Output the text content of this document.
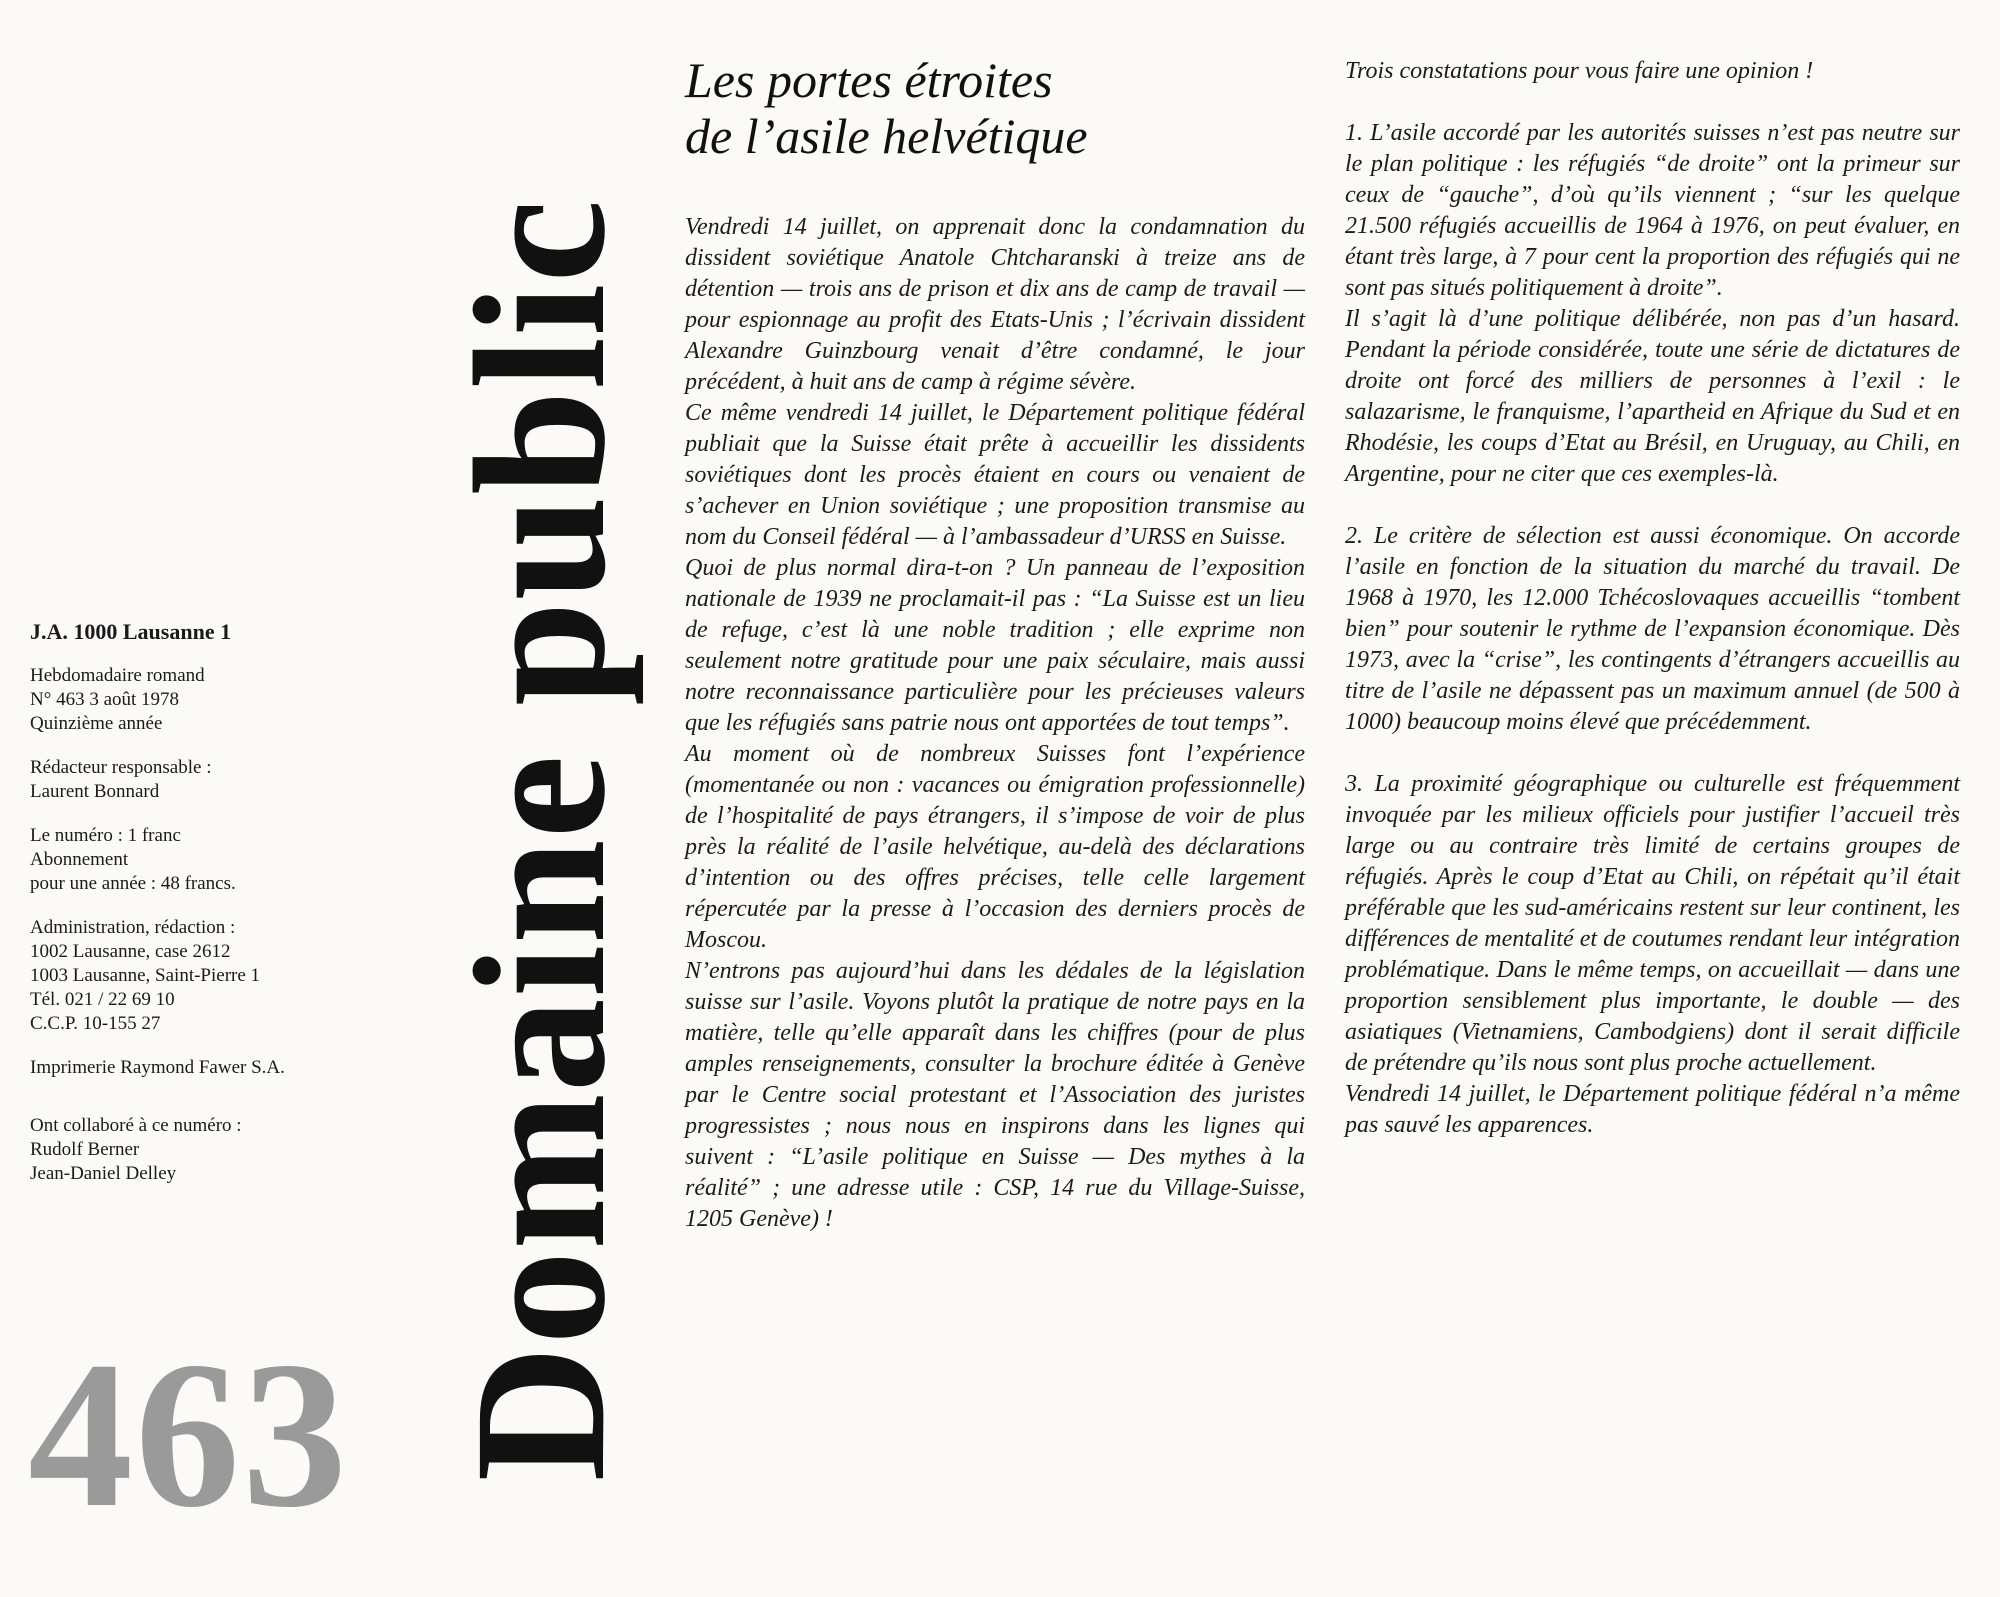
J.A. 1000 Lausanne 1

Hebdomadaire romand

N° 463 3 août 1978

Quinzième année

Rédacteur responsable :

Laurent Bonnard

Le numéro : 1 franc

Abonnement

pour une année : 48 francs.

Administration, rédaction :

1002 Lausanne, case 2612

1003 Lausanne, Saint-Pierre 1

Tél. 021 / 22 69 10

C.C.P. 10-155 27

Imprimerie Raymond Fawer S.A.

Ont collaboré à ce numéro :

Rudolf Berner

Jean-Daniel Delley

463 Domaine public

Les portes étroites

de l’asile helvétique

Vendredi 14 juillet, on apprenait donc la condamnation du dissident soviétique Anatole Chtcharanski à treize ans de détention — trois ans de prison et dix ans de camp de travail — pour espionnage au profit des Etats-Unis ; l’écrivain dissident Alexandre Guinzbourg venait d’être condamné, le jour précédent, à huit ans de camp à régime sévère.

Ce même vendredi 14 juillet, le Département politique fédéral publiait que la Suisse était prête à accueillir les dissidents soviétiques dont les procès étaient en cours ou venaient de s’achever en Union soviétique ; une proposition transmise au nom du Conseil fédéral — à l’ambassadeur d’URSS en Suisse.

Quoi de plus normal dira-t-on ? Un panneau de l’exposition nationale de 1939 ne proclamait-il pas : “La Suisse est un lieu de refuge, c’est là une noble tradition ; elle exprime non seulement notre gratitude pour une paix séculaire, mais aussi notre reconnaissance particulière pour les précieuses valeurs que les réfugiés sans patrie nous ont apportées de tout temps”.

Au moment où de nombreux Suisses font l’expérience (momentanée ou non : vacances ou émigration professionnelle) de l’hospitalité de pays étrangers, il s’impose de voir de plus près la réalité de l’asile helvétique, au-delà des déclarations d’intention ou des offres précises, telle celle largement répercutée par la presse à l’occasion des derniers procès de Moscou.

N’entrons pas aujourd’hui dans les dédales de la législation suisse sur l’asile. Voyons plutôt la pratique de notre pays en la matière, telle qu’elle apparaît dans les chiffres (pour de plus amples renseignements, consulter la brochure éditée à Genève par le Centre social protestant et l’Association des juristes progressistes ; nous nous en inspirons dans les lignes qui suivent : “L’asile politique en Suisse — Des mythes à la réalité” ; une adresse utile : CSP, 14 rue du Village-Suisse, 1205 Genève) !

Trois constatations pour vous faire une opinion !

1. L’asile accordé par les autorités suisses n’est pas neutre sur le plan politique : les réfugiés “de droite” ont la primeur sur ceux de “gauche”, d’où qu’ils viennent ; “sur les quelque 21.500 réfugiés accueillis de 1964 à 1976, on peut évaluer, en étant très large, à 7 pour cent la proportion des réfugiés qui ne sont pas situés politiquement à droite”.

Il s’agit là d’une politique délibérée, non pas d’un hasard. Pendant la période considérée, toute une série de dictatures de droite ont forcé des milliers de personnes à l’exil : le salazarisme, le franquisme, l’apartheid en Afrique du Sud et en Rhodésie, les coups d’Etat au Brésil, en Uruguay, au Chili, en Argentine, pour ne citer que ces exemples-là.

2. Le critère de sélection est aussi économique. On accorde l’asile en fonction de la situation du marché du travail. De 1968 à 1970, les 12.000 Tchécoslovaques accueillis “tombent bien” pour soutenir le rythme de l’expansion économique. Dès 1973, avec la “crise”, les contingents d’étrangers accueillis au titre de l’asile ne dépassent pas un maximum annuel (de 500 à 1000) beaucoup moins élevé que précédemment.

3. La proximité géographique ou culturelle est fréquemment invoquée par les milieux officiels pour justifier l’accueil très large ou au contraire très limité de certains groupes de réfugiés. Après le coup d’Etat au Chili, on répétait qu’il était préférable que les sud-américains restent sur leur continent, les différences de mentalité et de coutumes rendant leur intégration problématique. Dans le même temps, on accueillait — dans une proportion sensiblement plus importante, le double — des asiatiques (Vietnamiens, Cambodgiens) dont il serait difficile de prétendre qu’ils nous sont plus proche actuellement.

Vendredi 14 juillet, le Département politique fédéral n’a même pas sauvé les apparences.
